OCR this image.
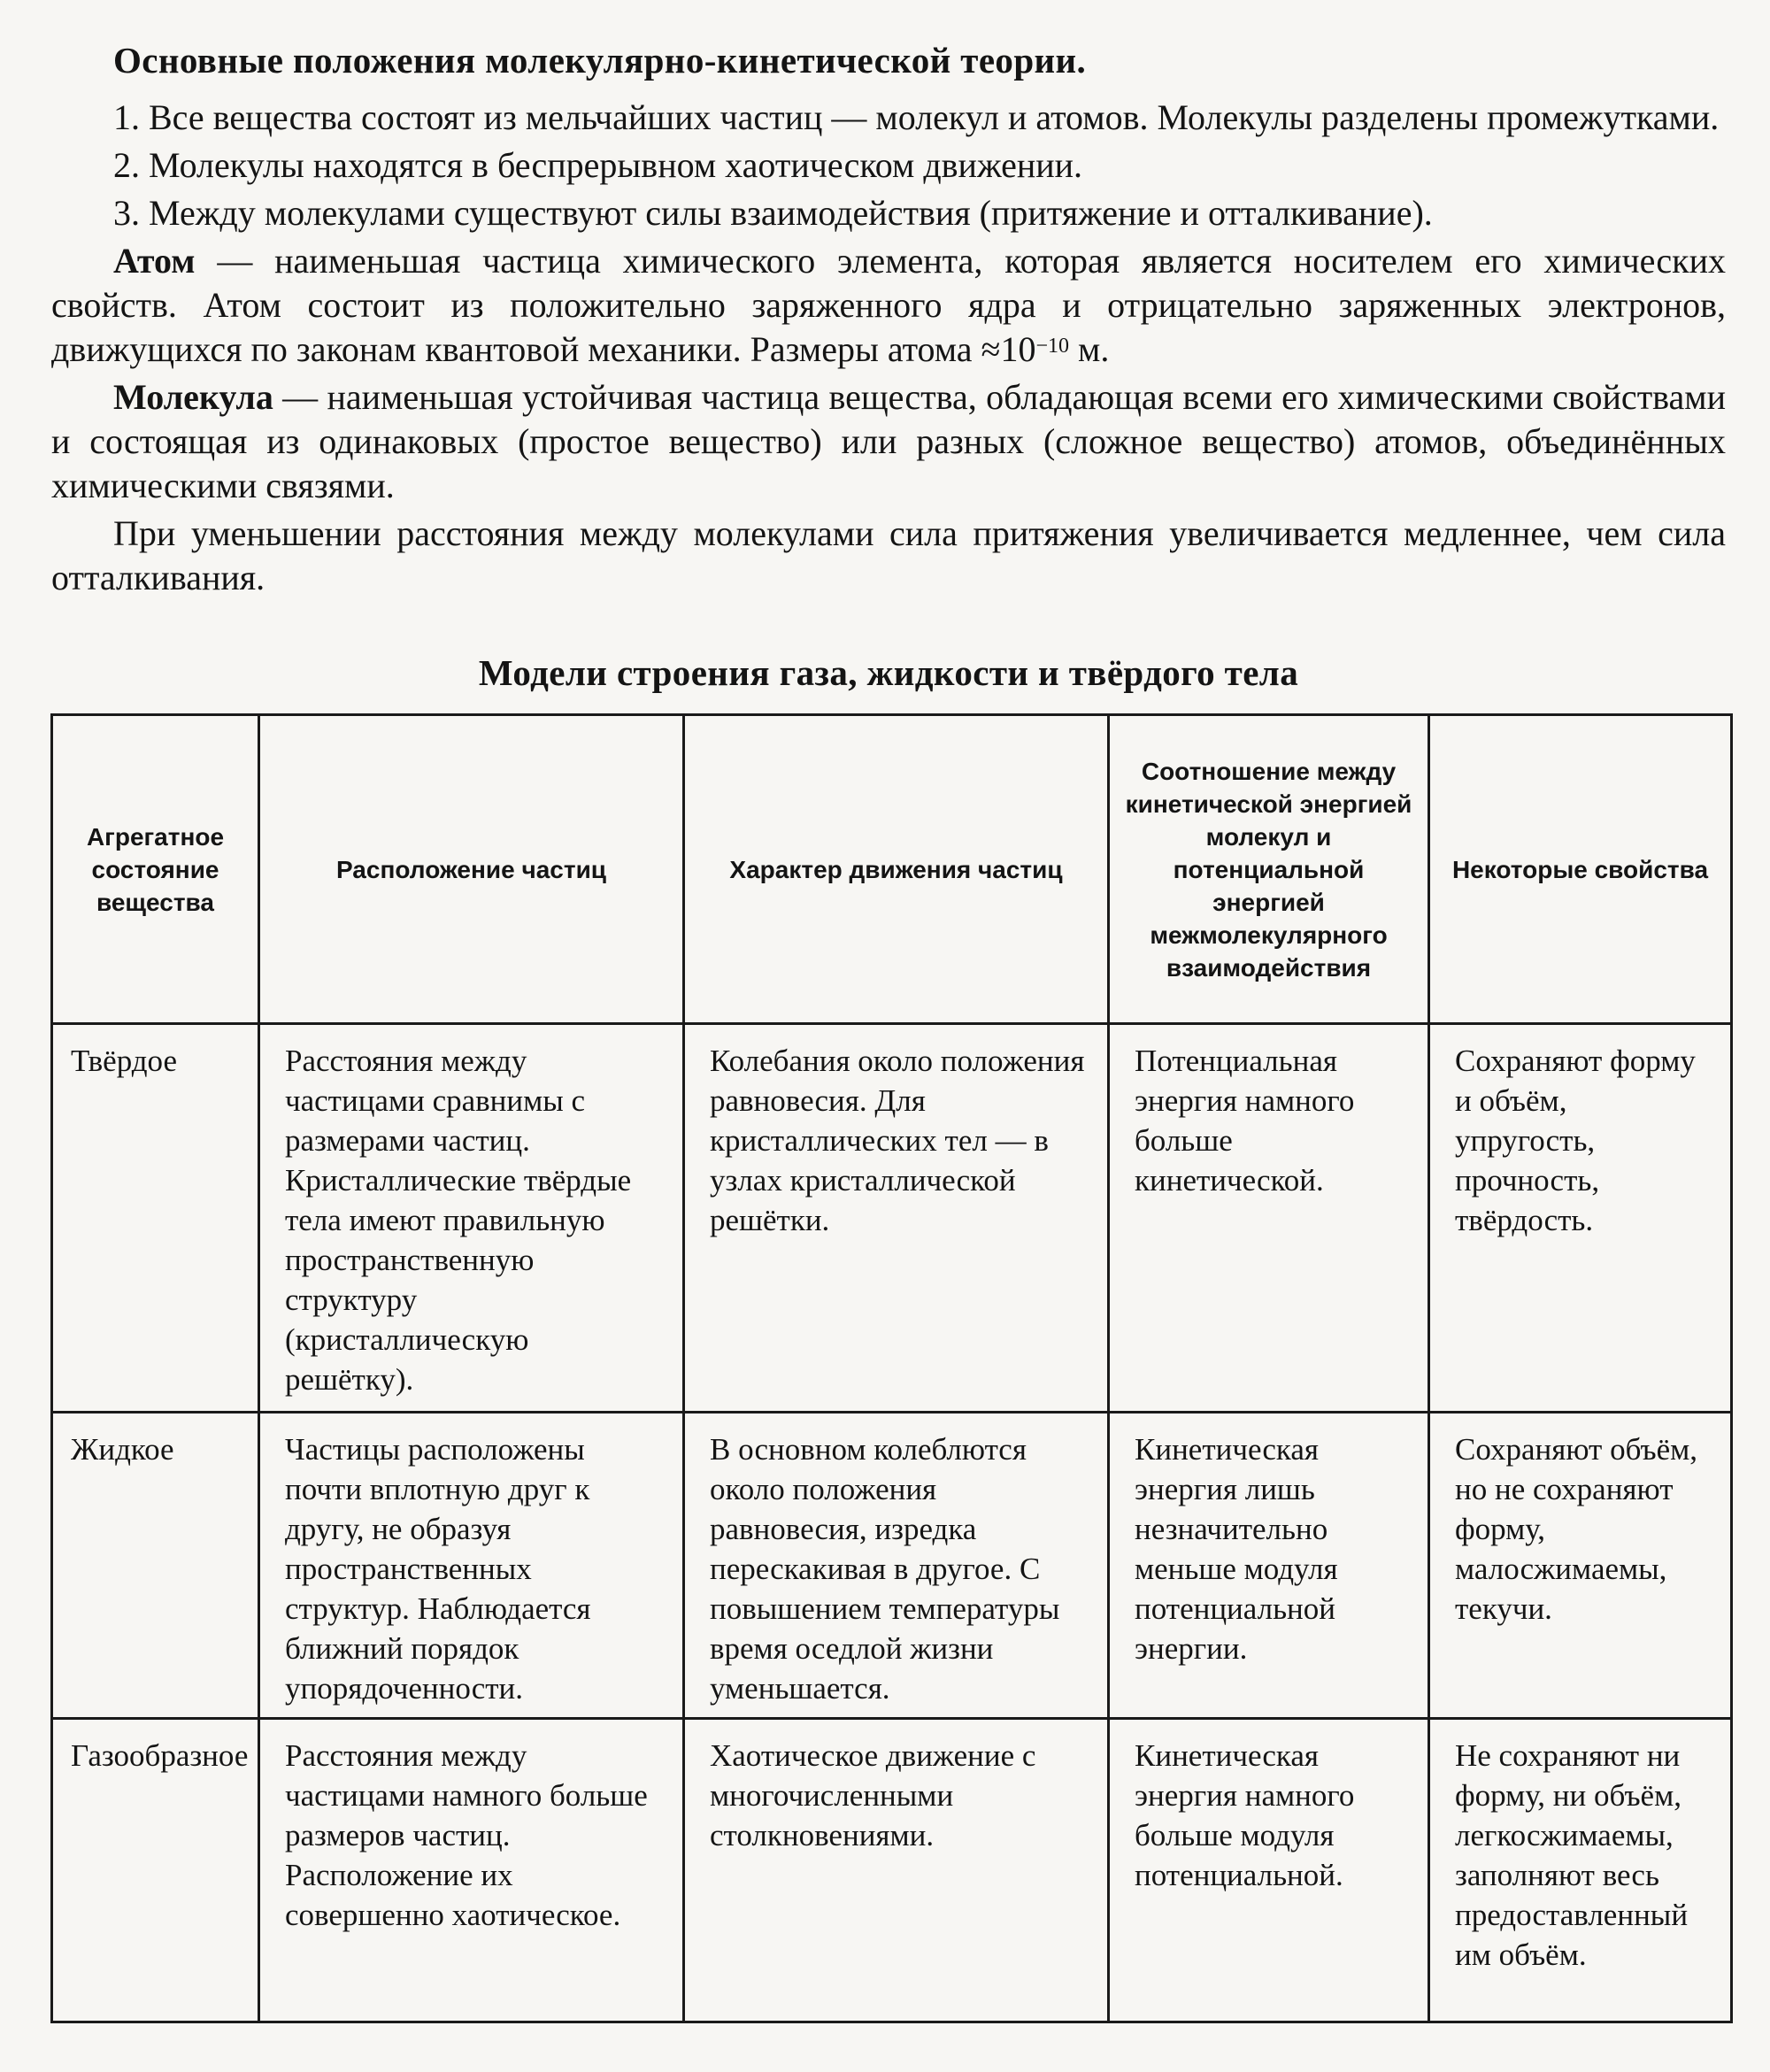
Основные положения молекулярно-кинетической теории.

1. Все вещества состоят из мельчайших частиц — молекул и атомов. Молекулы разделены промежутками.

2. Молекулы находятся в беспрерывном хаотическом движении.

3. Между молекулами существуют силы взаимодействия (притяжение и отталкивание).

Атом — наименьшая частица химического элемента, которая является носителем его химических свойств. Атом состоит из положительно заряженного ядра и отрицательно заряженных электронов, движущихся по законам квантовой механики. Размеры атома $\approx 10^{-10}$ м.

Молекула — наименьшая устойчивая частица вещества, обладающая всеми его химическими свойствами и состоящая из одинаковых (простое вещество) или разных (сложное вещество) атомов, объединённых химическими связями.

При уменьшении расстояния между молекулами сила притяжения увеличивается медленнее, чем сила отталкивания.

Модели строения газа, жидкости и твёрдого тела
Агрегатное состояние вещества	Расположение частиц	Характер движения частиц	Соотношение между кинетической энергией молекул и потенциальной энергией межмолекулярного взаимодействия	Некоторые свойства
Твёрдое	Расстояния между частицами сравнимы с размерами частиц. Кристаллические твёрдые тела имеют правильную пространственную структуру (кристаллическую решётку).	Колебания около положения равновесия. Для кристаллических тел — в узлах кристаллической решётки.	Потенциальная энергия намного больше кинетической.	Сохраняют форму и объём, упругость, прочность, твёрдость.
Жидкое	Частицы расположены почти вплотную друг к другу, не образуя пространственных структур. Наблюдается ближний порядок упорядоченности.	В основном колеблются около положения равновесия, изредка перескакивая в другое. С повышением температуры время оседлой жизни уменьшается.	Кинетическая энергия лишь незначительно меньше модуля потенциальной энергии.	Сохраняют объём, но не сохраняют форму, малосжимаемы, текучи.
Газообразное	Расстояния между частицами намного больше размеров частиц. Расположение их совершенно хаотическое.	Хаотическое движение с многочисленными столкновениями.	Кинетическая энергия намного больше модуля потенциальной.	Не сохраняют ни форму, ни объём, легкосжимаемы, заполняют весь предоставленный им объём.
